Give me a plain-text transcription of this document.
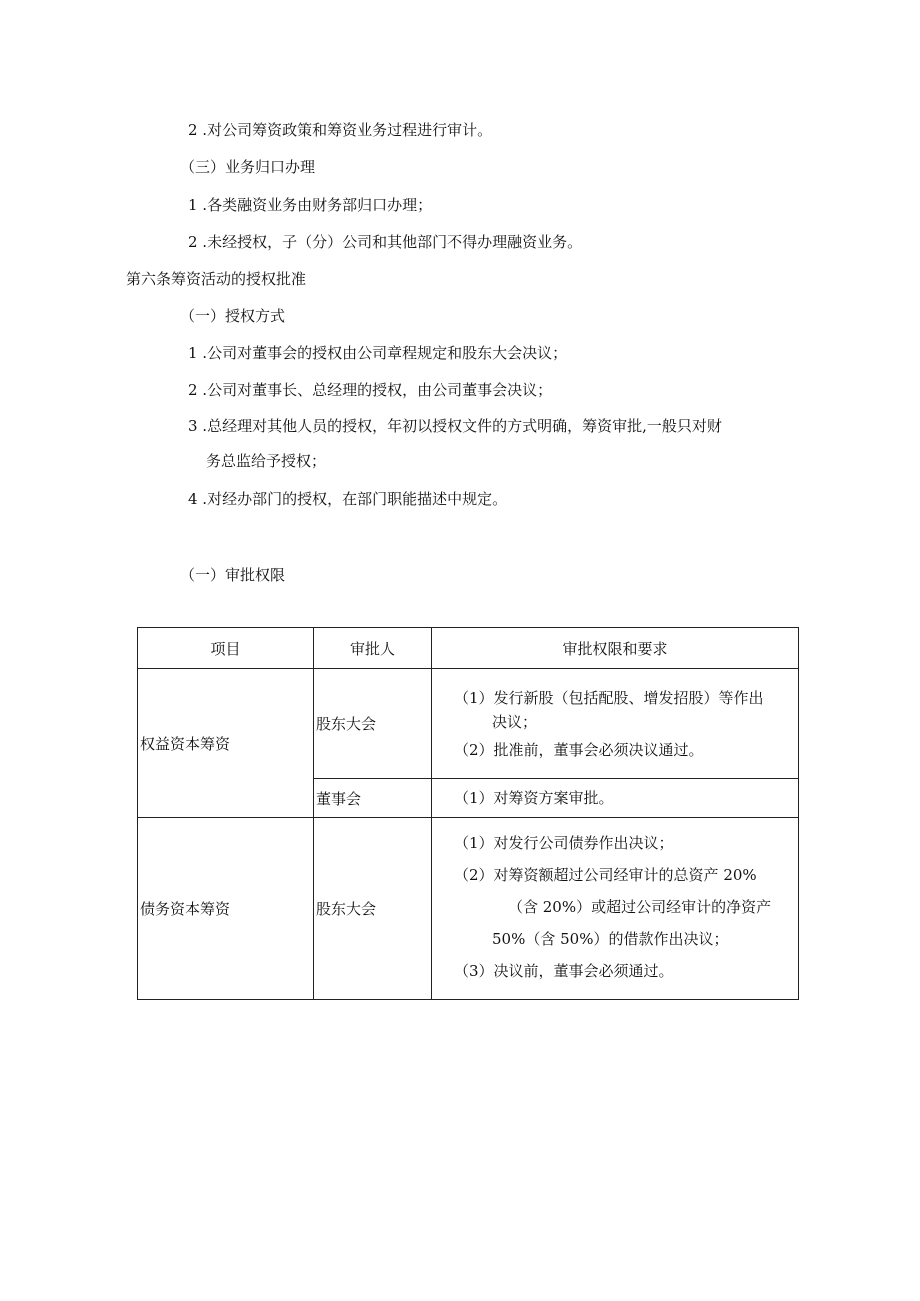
2 .对公司筹资政策和筹资业务过程进行审计。
（三）业务归口办理
1 .各类融资业务由财务部归口办理；
2 .未经授权，子（分）公司和其他部门不得办理融资业务。
第六条筹资活动的授权批准
（一）授权方式
1 .公司对董事会的授权由公司章程规定和股东大会决议；
2 .公司对董事长、总经理的授权，由公司董事会决议；
3 .总经理对其他人员的授权，年初以授权文件的方式明确，筹资审批,一般只对财
务总监给予授权；
4 .对经办部门的授权，在部门职能描述中规定。
（一）审批权限
项目	审批人	审批权限和要求
权益资本筹资	股东大会	（1）发行新股（包括配股、增发招股）等作出
决议；
（2）批准前，董事会必须决议通过。

	董事会	（1）对筹资方案审批。

债务资本筹资	股东大会	（1）对发行公司债券作出决议；
（2）对筹资额超过公司经审计的总资产 20%
（含 20%）或超过公司经审计的净资产
50%（含 50%）的借款作出决议；
（3）决议前，董事会必须通过。
